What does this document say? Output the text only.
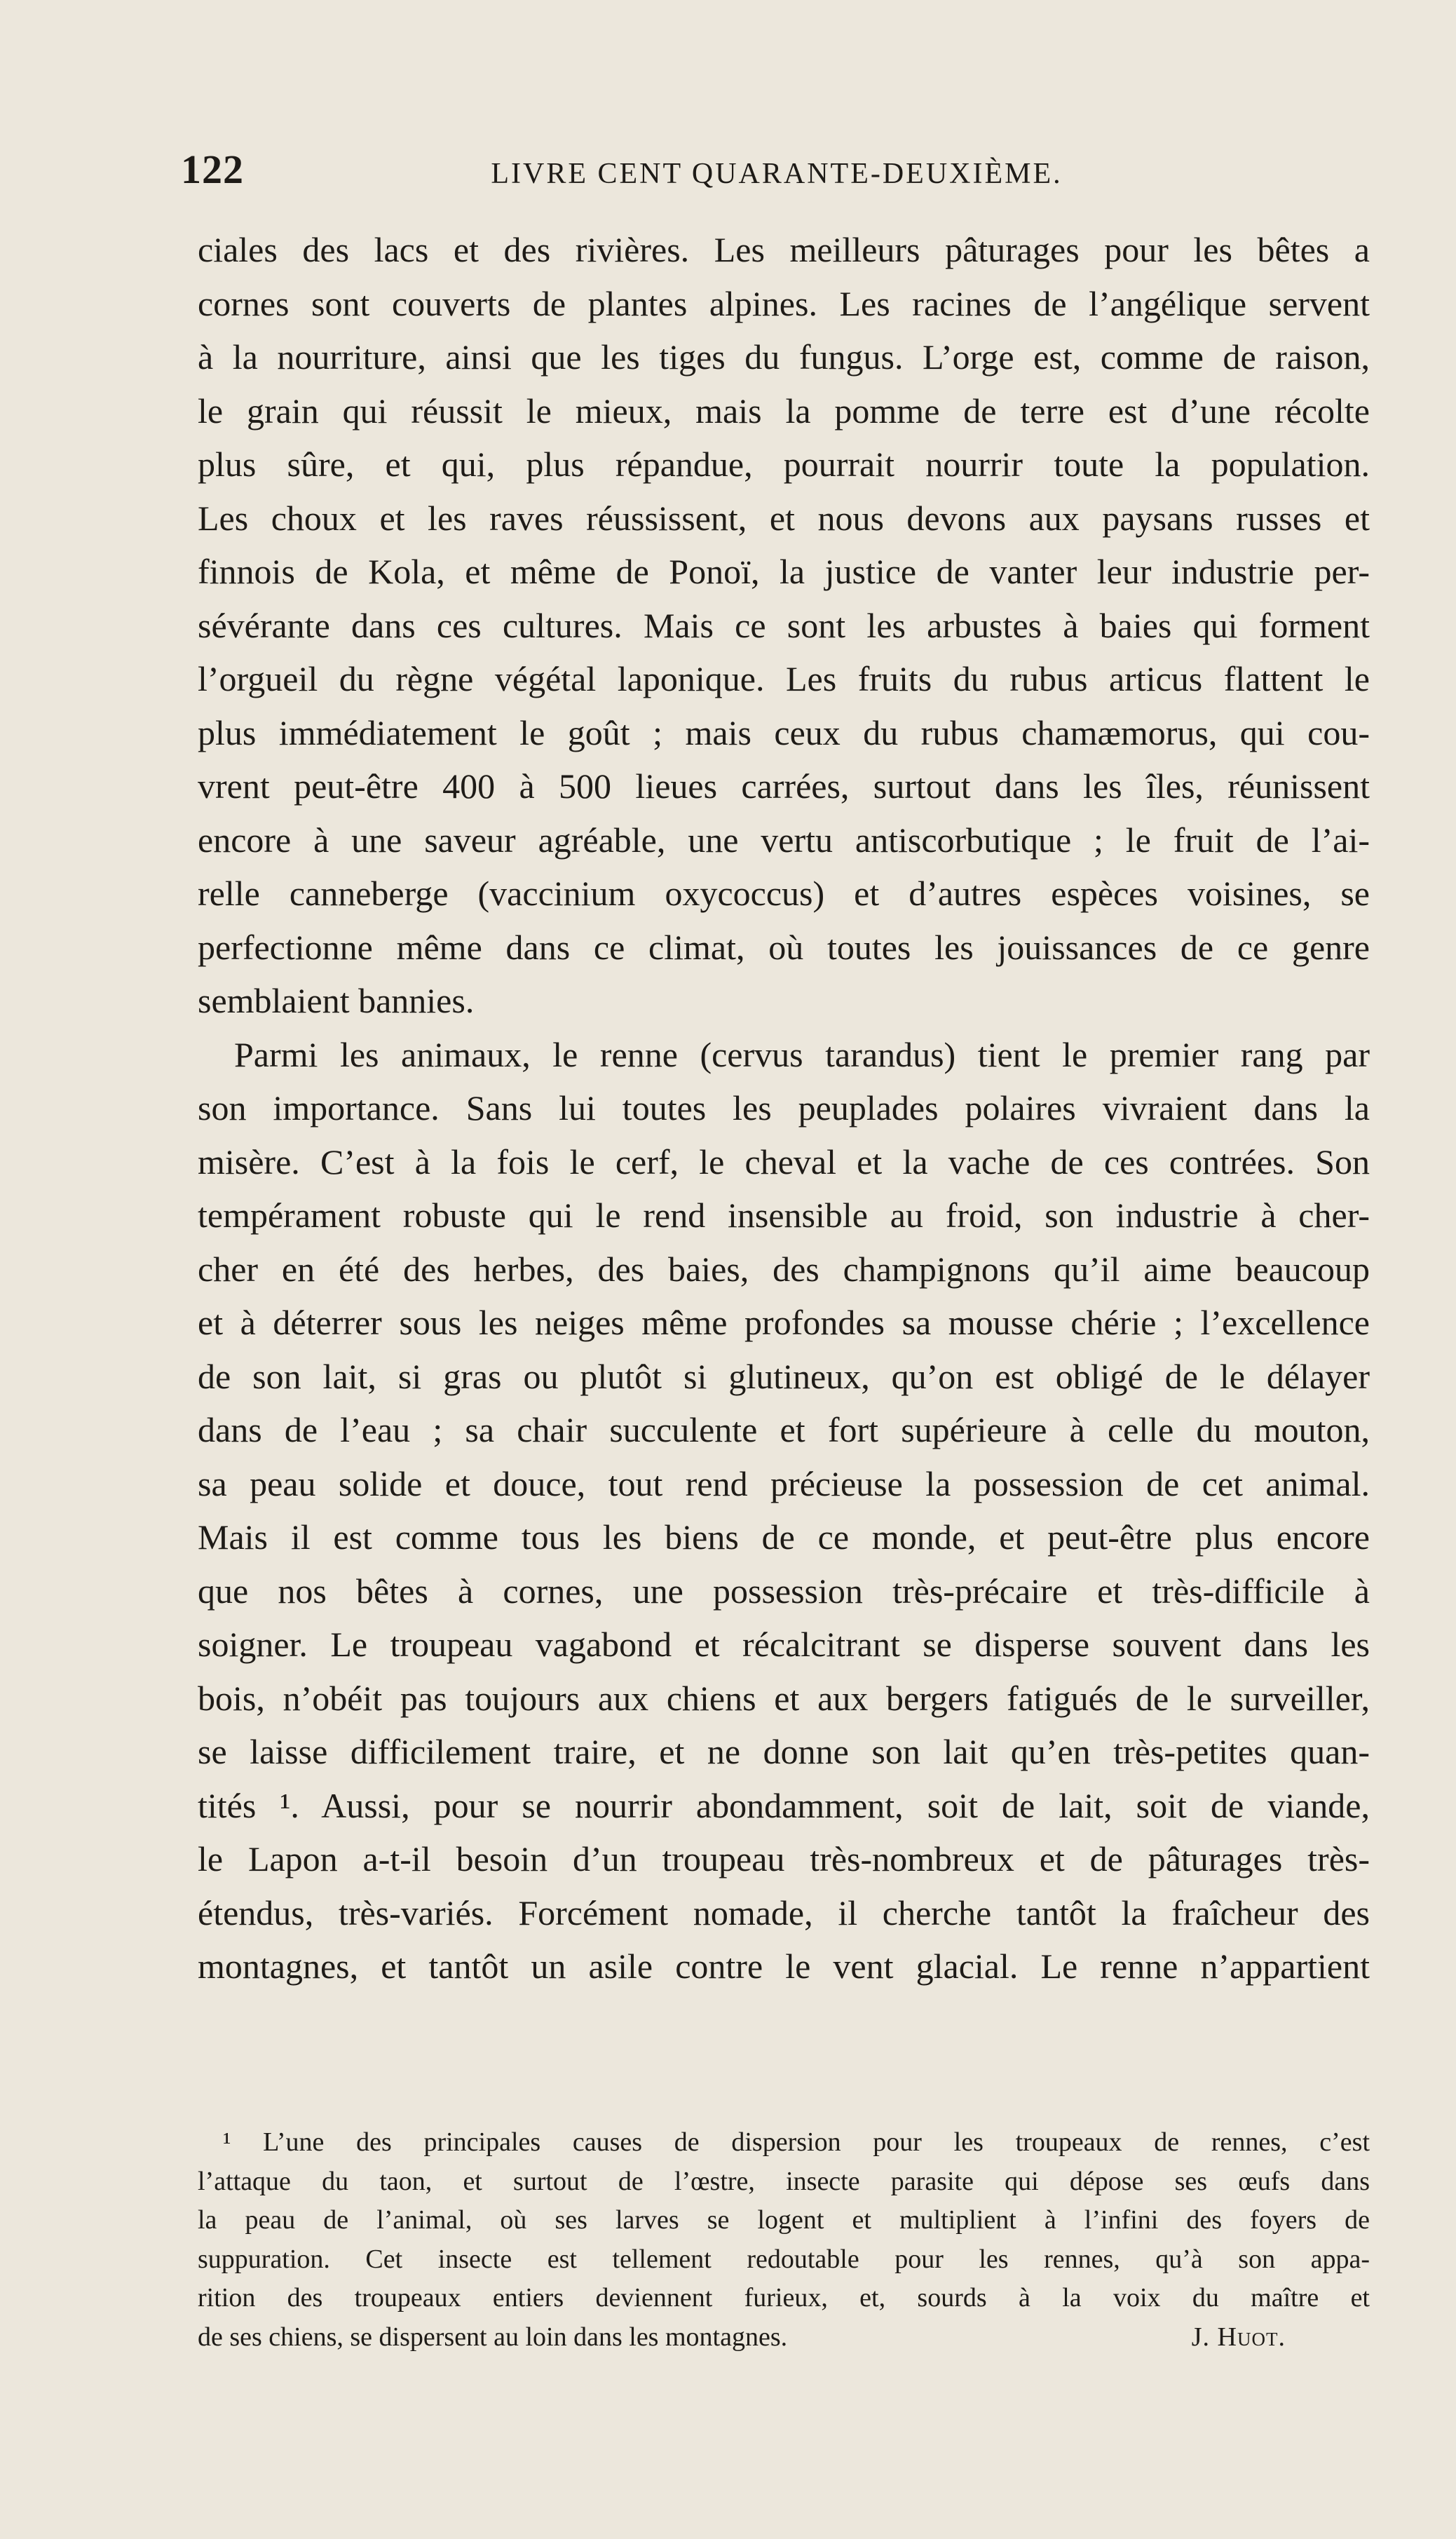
122	LIVRE CENT QUARANTE-DEUXIÈME.
ciales des lacs et des rivières. Les meilleurs pâturages pour les bêtes a
cornes sont couverts de plantes alpines. Les racines de l’angélique servent
à la nourriture, ainsi que les tiges du fungus. L’orge est, comme de raison,
le grain qui réussit le mieux, mais la pomme de terre est d’une récolte
plus sûre, et qui, plus répandue, pourrait nourrir toute la population.
Les choux et les raves réussissent, et nous devons aux paysans russes et
finnois de Kola, et même de Ponoï, la justice de vanter leur industrie per-
sévérante dans ces cultures. Mais ce sont les arbustes à baies qui forment
l’orgueil du règne végétal laponique. Les fruits du rubus articus flattent le
plus immédiatement le goût ; mais ceux du rubus chamæmorus, qui cou-
vrent peut-être 400 à 500 lieues carrées, surtout dans les îles, réunissent
encore à une saveur agréable, une vertu antiscorbutique ; le fruit de l’ai-
relle canneberge (vaccinium oxycoccus) et d’autres espèces voisines, se
perfectionne même dans ce climat, où toutes les jouissances de ce genre
semblaient bannies.
Parmi les animaux, le renne (cervus tarandus) tient le premier rang par
son importance. Sans lui toutes les peuplades polaires vivraient dans la
misère. C’est à la fois le cerf, le cheval et la vache de ces contrées. Son
tempérament robuste qui le rend insensible au froid, son industrie à cher-
cher en été des herbes, des baies, des champignons qu’il aime beaucoup
et à déterrer sous les neiges même profondes sa mousse chérie ; l’excellence
de son lait, si gras ou plutôt si glutineux, qu’on est obligé de le délayer
dans de l’eau ; sa chair succulente et fort supérieure à celle du mouton,
sa peau solide et douce, tout rend précieuse la possession de cet animal.
Mais il est comme tous les biens de ce monde, et peut-être plus encore
que nos bêtes à cornes, une possession très-précaire et très-difficile à
soigner. Le troupeau vagabond et récalcitrant se disperse souvent dans les
bois, n’obéit pas toujours aux chiens et aux bergers fatigués de le surveiller,
se laisse difficilement traire, et ne donne son lait qu’en très-petites quan-
tités ¹. Aussi, pour se nourrir abondamment, soit de lait, soit de viande,
le Lapon a-t-il besoin d’un troupeau très-nombreux et de pâturages très-
étendus, très-variés. Forcément nomade, il cherche tantôt la fraîcheur des
montagnes, et tantôt un asile contre le vent glacial. Le renne n’appartient
¹ L’une des principales causes de dispersion pour les troupeaux de rennes, c’est
l’attaque du taon, et surtout de l’œstre, insecte parasite qui dépose ses œufs dans
la peau de l’animal, où ses larves se logent et multiplient à l’infini des foyers de
suppuration. Cet insecte est tellement redoutable pour les rennes, qu’à son appa-
rition des troupeaux entiers deviennent furieux, et, sourds à la voix du maître et
de ses chiens, se dispersent au loin dans les montagnes.	J. Huot.
